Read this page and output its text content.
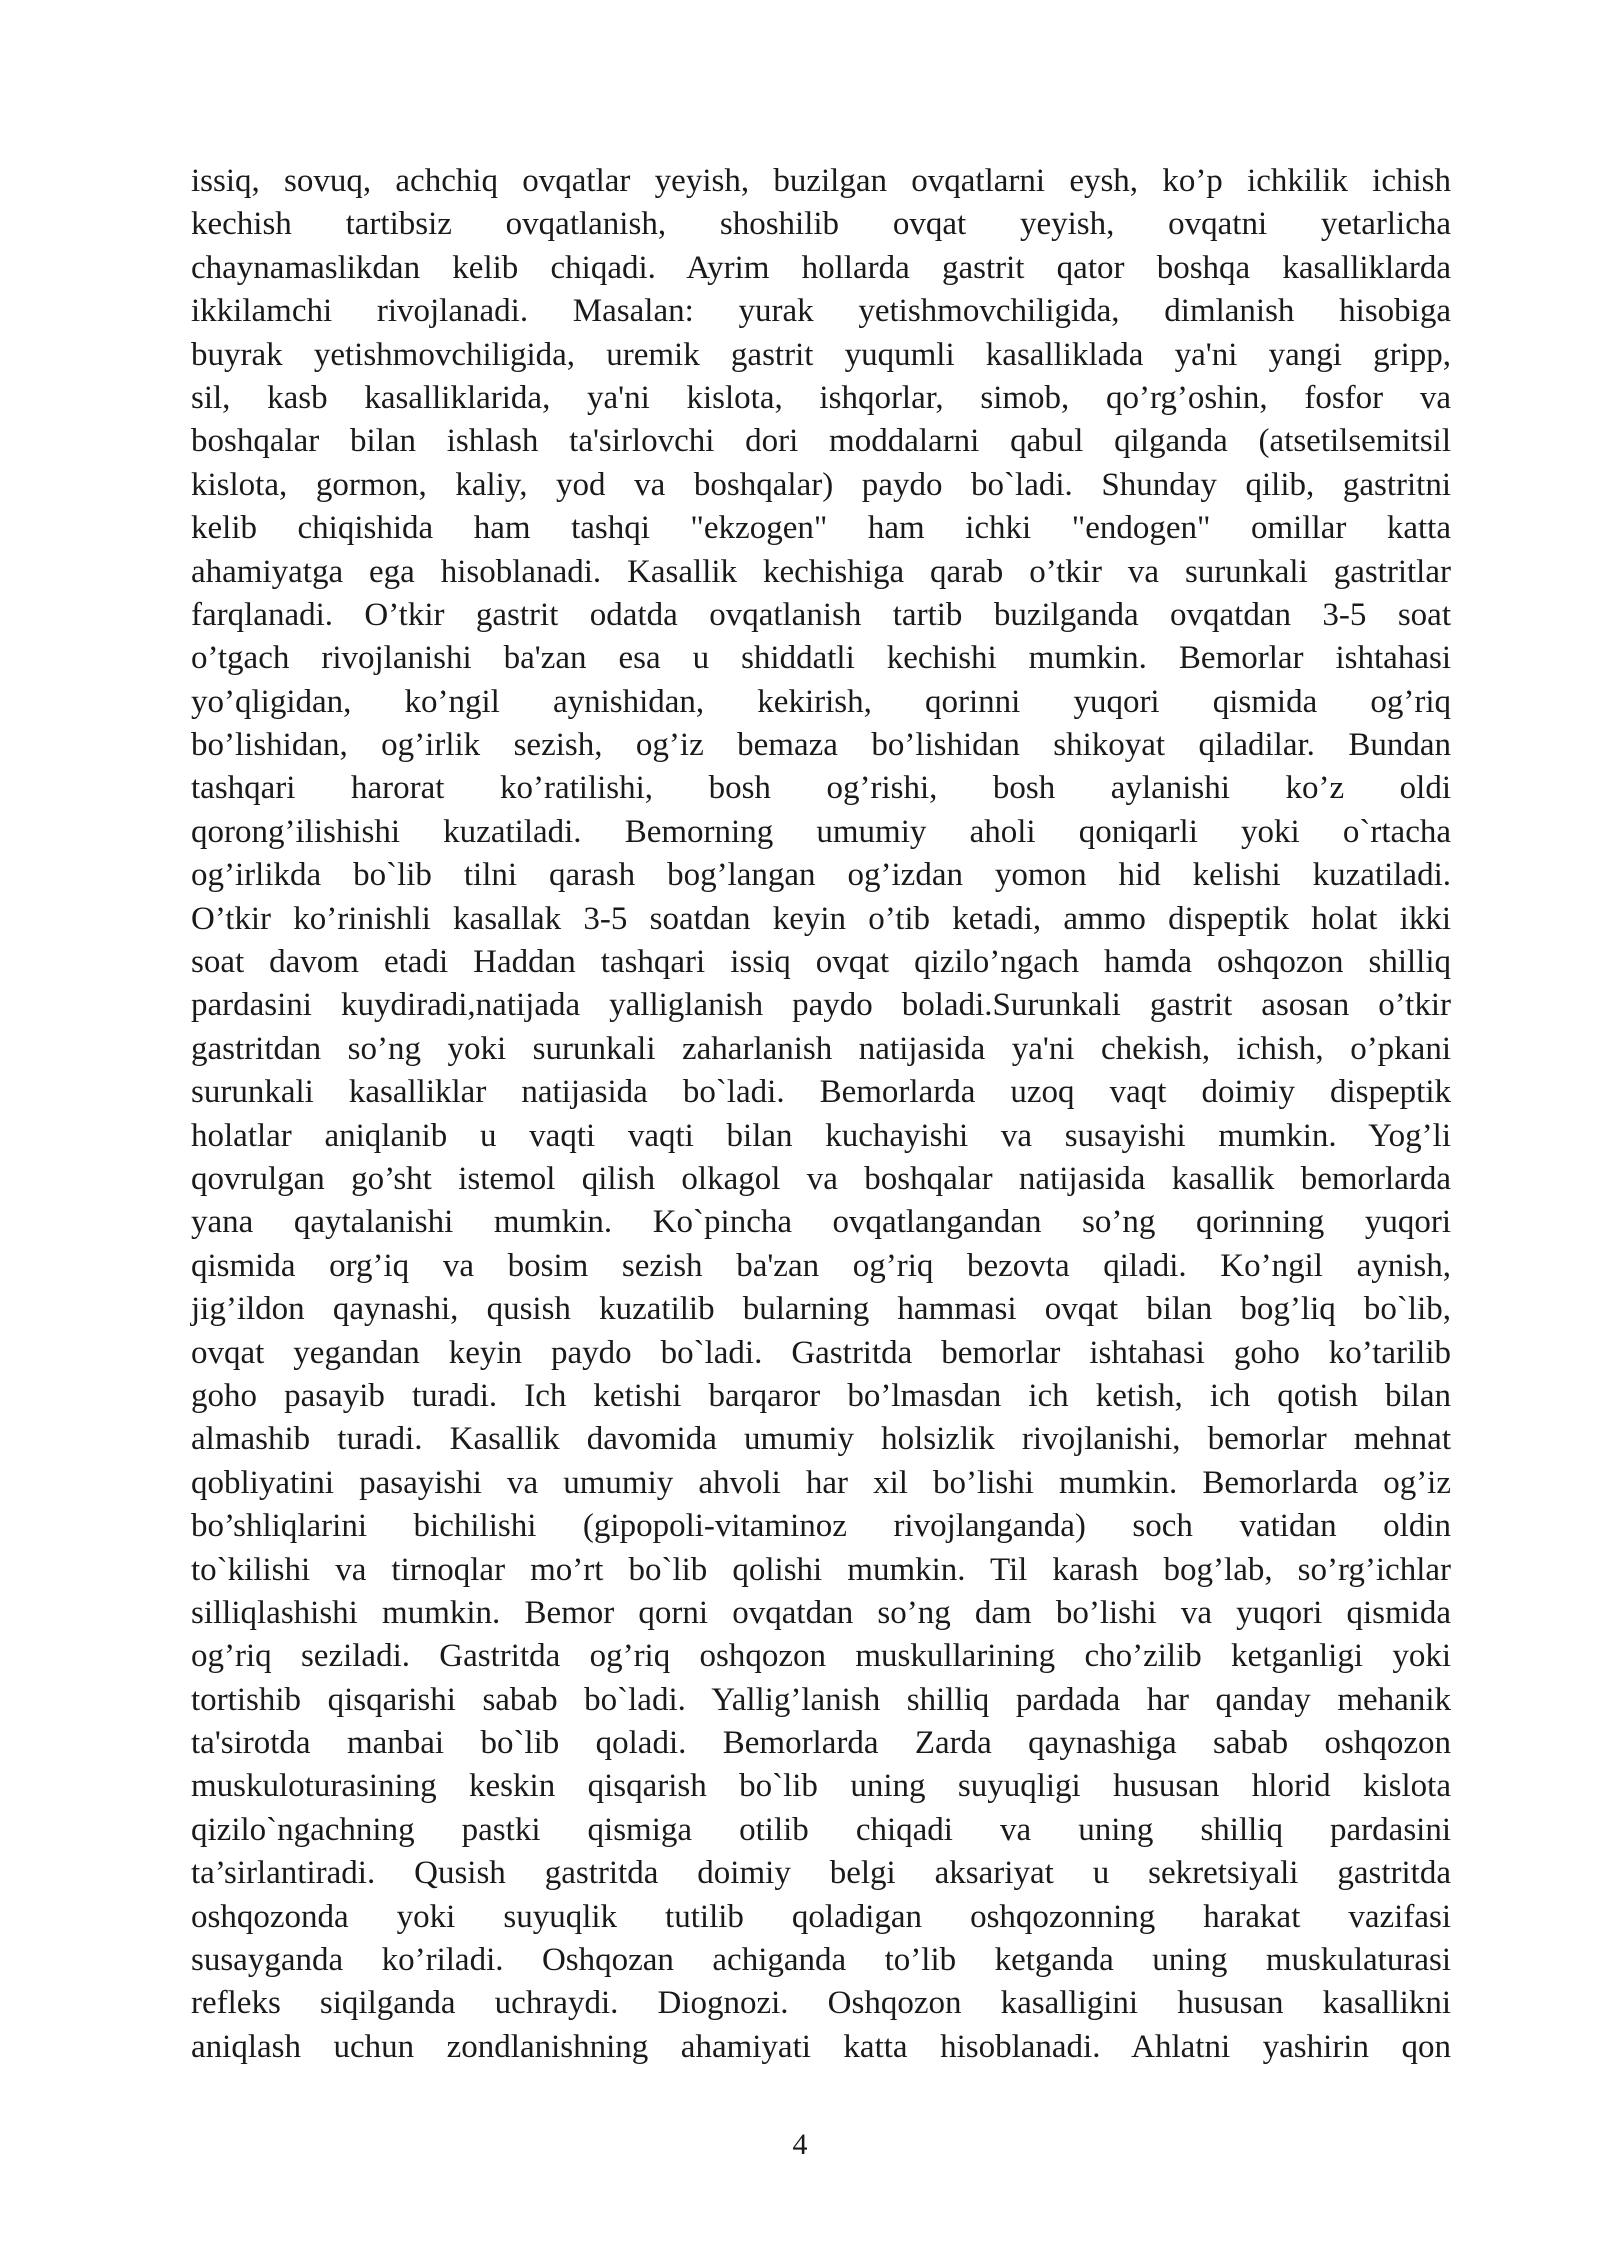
issiq, sovuq, achchiq ovqatlar yeyish, buzilgan ovqatlarni eysh, ko’p ichkilik ichish
kechish tartibsiz ovqatlanish, shoshilib ovqat yeyish, ovqatni yetarlicha
chaynamaslikdan kelib chiqadi. Ayrim hollarda gastrit qator boshqa kasalliklarda
ikkilamchi rivojlanadi. Masalan: yurak yetishmovchiligida, dimlanish hisobiga
buyrak yetishmovchiligida, uremik gastrit yuqumli kasalliklada ya'ni yangi gripp,
sil, kasb kasalliklarida, ya'ni kislota, ishqorlar, simob, qo’rg’oshin, fosfor va
boshqalar bilan ishlash ta'sirlovchi dori moddalarni qabul qilganda (atsetilsemitsil
kislota, gormon, kaliy, yod va boshqalar) paydo bo`ladi. Shunday qilib, gastritni
kelib chiqishida ham tashqi "ekzogen" ham ichki "endogen" omillar katta
ahamiyatga ega hisoblanadi. Kasallik kechishiga qarab o’tkir va surunkali gastritlar
farqlanadi. O’tkir gastrit odatda ovqatlanish tartib buzilganda ovqatdan 3-5 soat
o’tgach rivojlanishi ba'zan esa u shiddatli kechishi mumkin. Bemorlar ishtahasi
yo’qligidan, ko’ngil aynishidan, kekirish, qorinni yuqori qismida og’riq
bo’lishidan, og’irlik sezish, og’iz bemaza bo’lishidan shikoyat qiladilar. Bundan
tashqari harorat ko’ratilishi, bosh og’rishi, bosh aylanishi ko’z oldi
qorong’ilishishi kuzatiladi. Bemorning umumiy aholi qoniqarli yoki o`rtacha
og’irlikda bo`lib tilni qarash bog’langan og’izdan yomon hid kelishi kuzatiladi.
O’tkir ko’rinishli kasallak 3-5 soatdan keyin o’tib ketadi, ammo dispeptik holat ikki
soat davom etadi Haddan tashqari issiq ovqat qizilo’ngach hamda oshqozon shilliq
pardasini kuydiradi,natijada yalliglanish paydo boladi.Surunkali gastrit asosan o’tkir
gastritdan so’ng yoki surunkali zaharlanish natijasida ya'ni chekish, ichish, o’pkani
surunkali kasalliklar natijasida bo`ladi. Bemorlarda uzoq vaqt doimiy dispeptik
holatlar aniqlanib u vaqti vaqti bilan kuchayishi va susayishi mumkin. Yog’li
qovrulgan go’sht istemol qilish olkagol va boshqalar natijasida kasallik bemorlarda
yana qaytalanishi mumkin. Ko`pincha ovqatlangandan so’ng qorinning yuqori
qismida org’iq va bosim sezish ba'zan og’riq bezovta qiladi. Ko’ngil aynish,
jig’ildon qaynashi, qusish kuzatilib bularning hammasi ovqat bilan bog’liq bo`lib,
ovqat yegandan keyin paydo bo`ladi. Gastritda bemorlar ishtahasi goho ko’tarilib
goho pasayib turadi. Ich ketishi barqaror bo’lmasdan ich ketish, ich qotish bilan
almashib turadi. Kasallik davomida umumiy holsizlik rivojlanishi, bemorlar mehnat
qobliyatini pasayishi va umumiy ahvoli har xil bo’lishi mumkin. Bemorlarda og’iz
bo’shliqlarini bichilishi (gipopoli-vitaminoz rivojlanganda) soch vatidan oldin
to`kilishi va tirnoqlar mo’rt bo`lib qolishi mumkin. Til karash bog’lab, so’rg’ichlar
silliqlashishi mumkin. Bemor qorni ovqatdan so’ng dam bo’lishi va yuqori qismida
og’riq seziladi. Gastritda og’riq oshqozon muskullarining cho’zilib ketganligi yoki
tortishib qisqarishi sabab bo`ladi. Yallig’lanish shilliq pardada har qanday mehanik
ta'sirotda manbai bo`lib qoladi. Bemorlarda Zarda qaynashiga sabab oshqozon
muskuloturasining keskin qisqarish bo`lib uning suyuqligi hususan hlorid kislota
qizilo`ngachning pastki qismiga otilib chiqadi va uning shilliq pardasini
ta’sirlantiradi. Qusish gastritda doimiy belgi aksariyat u sekretsiyali gastritda
oshqozonda yoki suyuqlik tutilib qoladigan oshqozonning harakat vazifasi
susayganda ko’riladi. Oshqozan achiganda to’lib ketganda uning muskulaturasi
refleks siqilganda uchraydi. Diognozi. Oshqozon kasalligini hususan kasallikni
aniqlash uchun zondlanishning ahamiyati katta hisoblanadi. Ahlatni yashirin qon
4
